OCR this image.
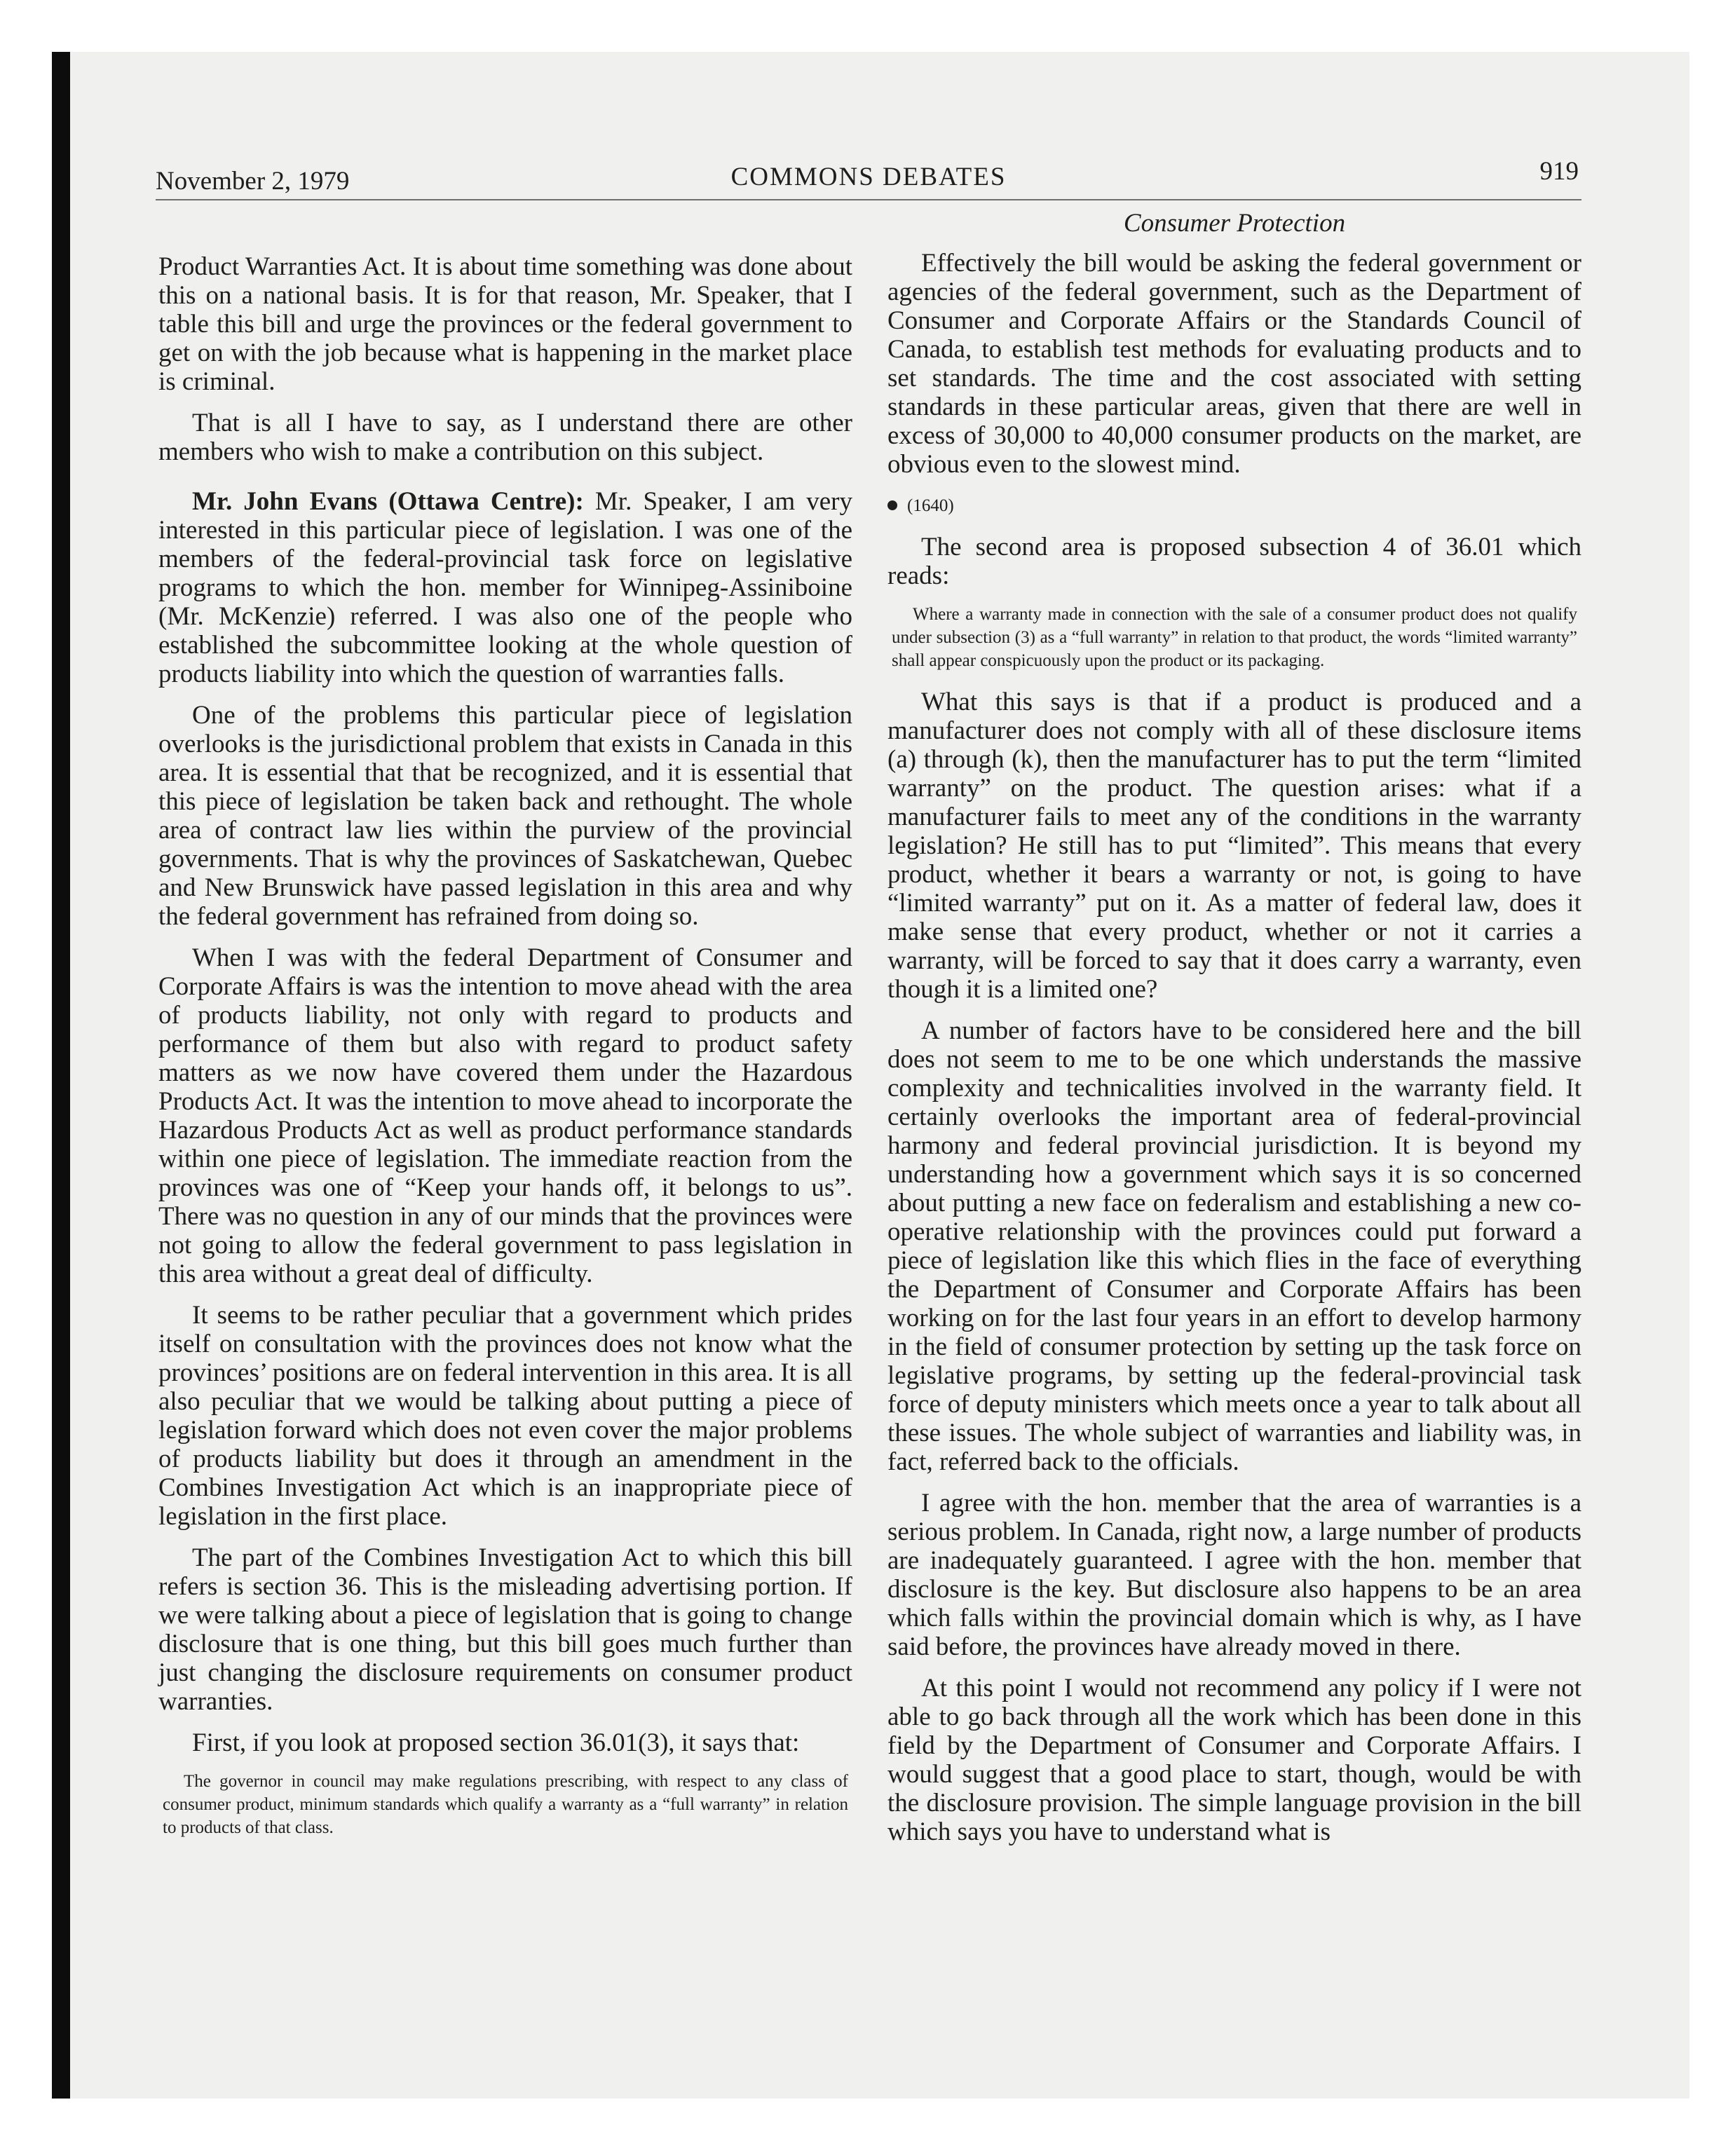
November 2, 1979	COMMONS DEBATES	919

Product Warranties Act. It is about time something was done about this on a national basis. It is for that reason, Mr. Speaker, that I table this bill and urge the provinces or the federal government to get on with the job because what is happening in the market place is criminal.

That is all I have to say, as I understand there are other members who wish to make a contribution on this subject.

Mr. John Evans (Ottawa Centre): Mr. Speaker, I am very interested in this particular piece of legislation. I was one of the members of the federal-provincial task force on legislative programs to which the hon. member for Winnipeg-Assiniboine (Mr. McKenzie) referred. I was also one of the people who established the subcommittee looking at the whole question of products liability into which the question of warranties falls.

One of the problems this particular piece of legislation overlooks is the jurisdictional problem that exists in Canada in this area. It is essential that that be recognized, and it is essential that this piece of legislation be taken back and rethought. The whole area of contract law lies within the purview of the provincial governments. That is why the provinces of Saskatchewan, Quebec and New Brunswick have passed legislation in this area and why the federal government has refrained from doing so.

When I was with the federal Department of Consumer and Corporate Affairs is was the intention to move ahead with the area of products liability, not only with regard to products and performance of them but also with regard to product safety matters as we now have covered them under the Hazardous Products Act. It was the intention to move ahead to incorporate the Hazardous Products Act as well as product performance standards within one piece of legislation. The immediate reaction from the provinces was one of “Keep your hands off, it belongs to us”. There was no question in any of our minds that the provinces were not going to allow the federal government to pass legislation in this area without a great deal of difficulty.

It seems to be rather peculiar that a government which prides itself on consultation with the provinces does not know what the provinces’ positions are on federal intervention in this area. It is all also peculiar that we would be talking about putting a piece of legislation forward which does not even cover the major problems of products liability but does it through an amendment in the Combines Investigation Act which is an inappropriate piece of legislation in the first place.

The part of the Combines Investigation Act to which this bill refers is section 36. This is the misleading advertising portion. If we were talking about a piece of legislation that is going to change disclosure that is one thing, but this bill goes much further than just changing the disclosure requirements on consumer product warranties.

First, if you look at proposed section 36.01(3), it says that:

The governor in council may make regulations prescribing, with respect to any class of consumer product, minimum standards which qualify a warranty as a “full warranty” in relation to products of that class.

Consumer Protection

Effectively the bill would be asking the federal government or agencies of the federal government, such as the Department of Consumer and Corporate Affairs or the Standards Council of Canada, to establish test methods for evaluating products and to set standards. The time and the cost associated with setting standards in these particular areas, given that there are well in excess of 30,000 to 40,000 consumer products on the market, are obvious even to the slowest mind.

(1640)

The second area is proposed subsection 4 of 36.01 which reads:

Where a warranty made in connection with the sale of a consumer product does not qualify under subsection (3) as a “full warranty” in relation to that product, the words “limited warranty” shall appear conspicuously upon the product or its packaging.

What this says is that if a product is produced and a manufacturer does not comply with all of these disclosure items (a) through (k), then the manufacturer has to put the term “limited warranty” on the product. The question arises: what if a manufacturer fails to meet any of the conditions in the warranty legislation? He still has to put “limited”. This means that every product, whether it bears a warranty or not, is going to have “limited warranty” put on it. As a matter of federal law, does it make sense that every product, whether or not it carries a warranty, will be forced to say that it does carry a warranty, even though it is a limited one?

A number of factors have to be considered here and the bill does not seem to me to be one which understands the massive complexity and technicalities involved in the warranty field. It certainly overlooks the important area of federal-provincial harmony and federal provincial jurisdiction. It is beyond my understanding how a government which says it is so concerned about putting a new face on federalism and establishing a new co-operative relationship with the provinces could put forward a piece of legislation like this which flies in the face of everything the Department of Consumer and Corporate Affairs has been working on for the last four years in an effort to develop harmony in the field of consumer protection by setting up the task force on legislative programs, by setting up the federal-provincial task force of deputy ministers which meets once a year to talk about all these issues. The whole subject of warranties and liability was, in fact, referred back to the officials.

I agree with the hon. member that the area of warranties is a serious problem. In Canada, right now, a large number of products are inadequately guaranteed. I agree with the hon. member that disclosure is the key. But disclosure also happens to be an area which falls within the provincial domain which is why, as I have said before, the provinces have already moved in there.

At this point I would not recommend any policy if I were not able to go back through all the work which has been done in this field by the Department of Consumer and Corporate Affairs. I would suggest that a good place to start, though, would be with the disclosure provision. The simple language provision in the bill which says you have to understand what is
